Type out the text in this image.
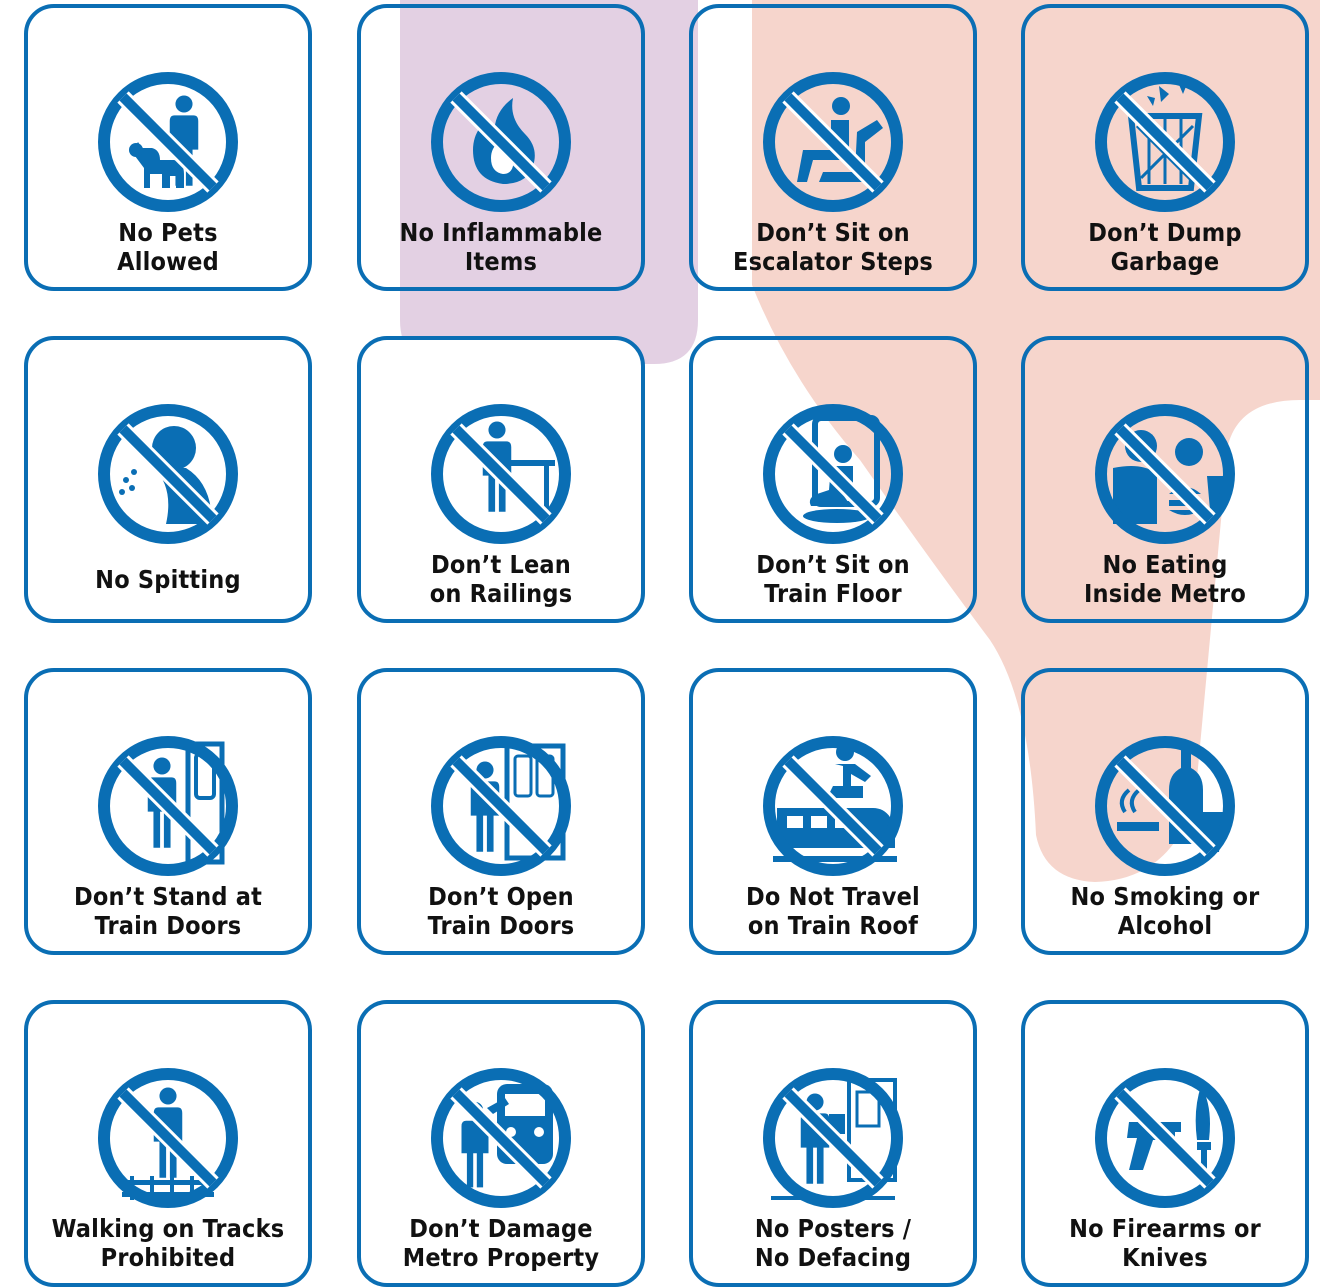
No Pets
Allowed
No Inflammable
Items
Don’t Sit on
Escalator Steps
Don’t Dump
Garbage
No Spitting	Don’t Lean
on Railings
Don’t Sit on
Train Floor
No Eating
Inside Metro
Don’t Stand at
Train Doors
Don’t Open
Train Doors
Do Not Travel
on Train Roof
No Smoking or
Alcohol
Walking on Tracks
Prohibited
Don’t Damage
Metro Property
No Posters /
No Defacing
No Firearms or
Knives
